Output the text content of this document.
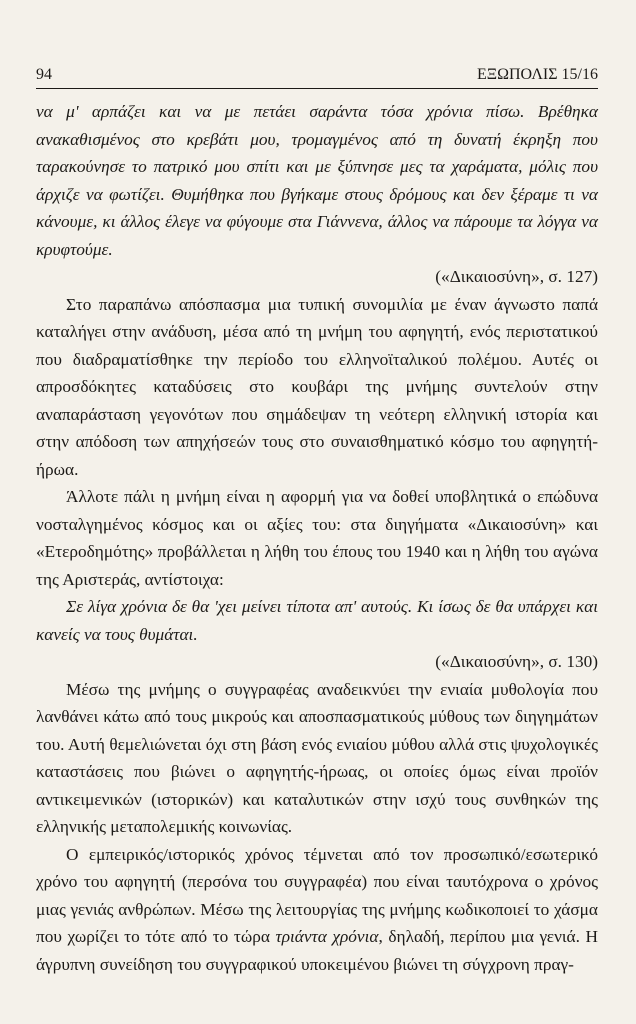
94	ΕΞΩΠΟΛΙΣ 15/16

να μ' αρπάζει και να με πετάει σαράντα τόσα χρόνια πίσω. Βρέθηκα ανακαθισμένος στο κρεβάτι μου, τρομαγμένος από τη δυνατή έκρηξη που ταρακούνησε το πατρικό μου σπίτι και με ξύπνησε μες τα χαράματα, μόλις που άρχιζε να φωτίζει. Θυμήθηκα που βγήκαμε στους δρόμους και δεν ξέραμε τι να κάνουμε, κι άλλος έλεγε να φύγουμε στα Γιάννενα, άλλος να πάρουμε τα λόγγα να κρυφτούμε.

(«Δικαιοσύνη», σ. 127)

Στο παραπάνω απόσπασμα μια τυπική συνομιλία με έναν άγνωστο παπά καταλήγει στην ανάδυση, μέσα από τη μνήμη του αφηγητή, ενός περιστατικού που διαδραματίσθηκε την περίοδο του ελληνοϊταλικού πολέμου. Αυτές οι απροσδόκητες καταδύσεις στο κουβάρι της μνήμης συντελούν στην αναπαράσταση γεγονότων που σημάδεψαν τη νεότερη ελληνική ιστορία και στην απόδοση των απηχήσεών τους στο συναισθηματικό κόσμο του αφηγητή-ήρωα.

Άλλοτε πάλι η μνήμη είναι η αφορμή για να δοθεί υποβλητικά ο επώδυνα νοσταλγημένος κόσμος και οι αξίες του: στα διηγήματα «Δικαιοσύνη» και «Ετεροδημότης» προβάλλεται η λήθη του έπους του 1940 και η λήθη του αγώνα της Αριστεράς, αντίστοιχα:

Σε λίγα χρόνια δε θα 'χει μείνει τίποτα απ' αυτούς. Κι ίσως δε θα υπάρχει και κανείς να τους θυμάται.

(«Δικαιοσύνη», σ. 130)

Μέσω της μνήμης ο συγγραφέας αναδεικνύει την ενιαία μυθολογία που λανθάνει κάτω από τους μικρούς και αποσπασματικούς μύθους των διηγημάτων του. Αυτή θεμελιώνεται όχι στη βάση ενός ενιαίου μύθου αλλά στις ψυχολογικές καταστάσεις που βιώνει ο αφηγητής-ήρωας, οι οποίες όμως είναι προϊόν αντικειμενικών (ιστορικών) και καταλυτικών στην ισχύ τους συνθηκών της ελληνικής μεταπολεμικής κοινωνίας.

Ο εμπειρικός/ιστορικός χρόνος τέμνεται από τον προσωπικό/εσωτερικό χρόνο του αφηγητή (περσόνα του συγγραφέα) που είναι ταυτόχρονα ο χρόνος μιας γενιάς ανθρώπων. Μέσω της λειτουργίας της μνήμης κωδικοποιεί το χάσμα που χωρίζει το τότε από το τώρα τριάντα χρόνια, δηλαδή, περίπου μια γενιά. Η άγρυπνη συνείδηση του συγγραφικού υποκειμένου βιώνει τη σύγχρονη πραγ-
